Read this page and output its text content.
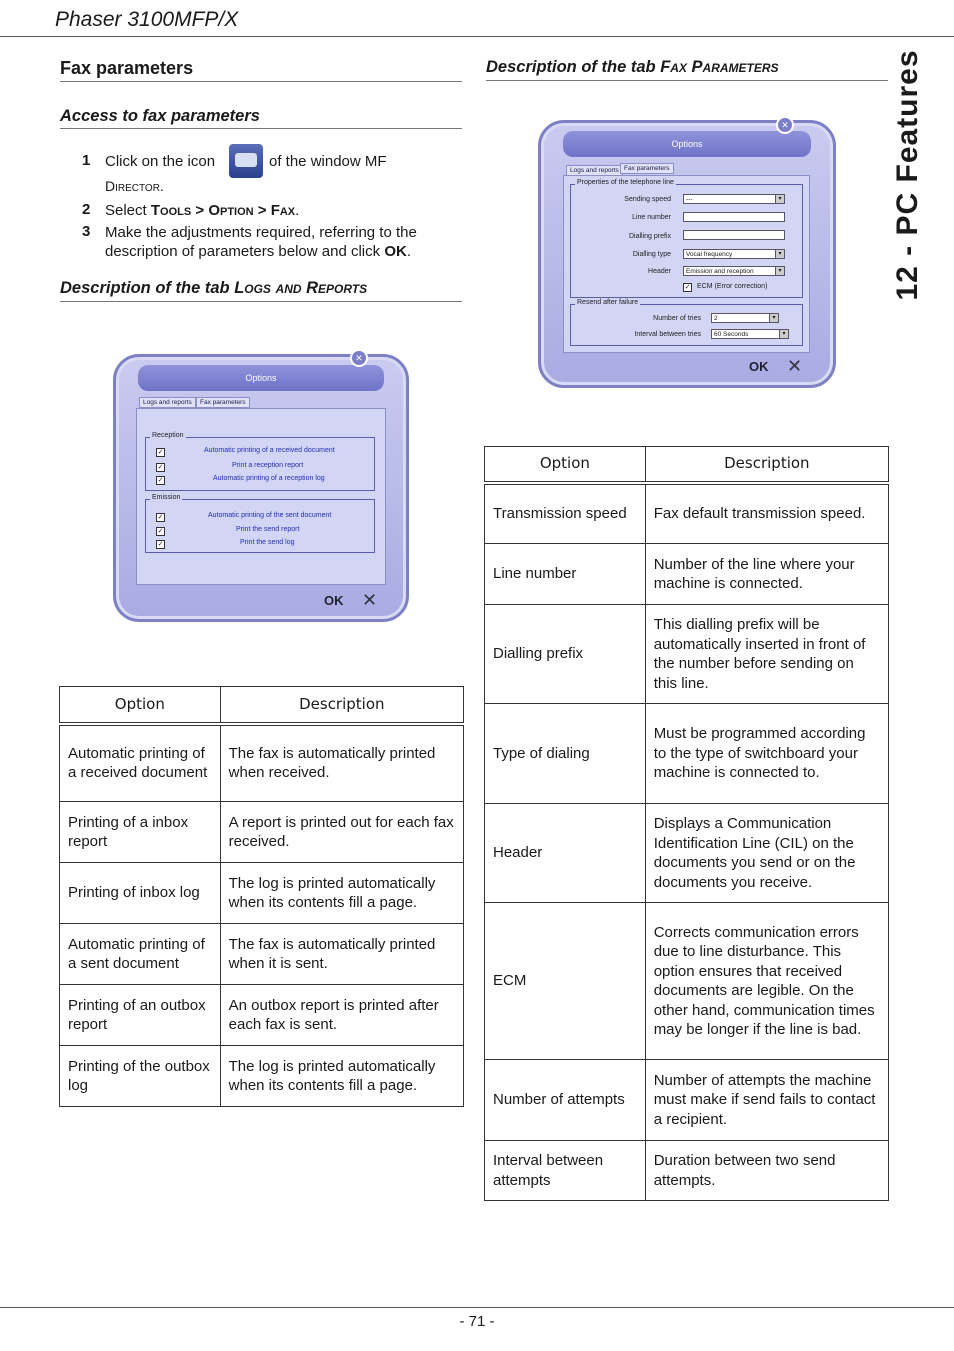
Phaser 3100MFP/X
12 - PC Features
Fax parameters
Access to fax parameters
1 Click on the icon	of the window MF
Director.
2 Select Tools > Option > Fax.
3 Make the adjustments required, referring to the
description of parameters below and click OK.
Description of the tab Logs and Reports
Options
✕
Logs and reports	Fax parameters
Reception
✓	Automatic printing of a received document
✓	Print a reception report
✓	Automatic printing of a reception log
Emission
✓	Automatic printing of the sent document
✓	Print the send report
✓	Print the send log
OK ✕
Option	Description
Automatic printing of a received document	The fax is automatically printed when received.
Printing of a inbox report	A report is printed out for each fax received.
Printing of inbox log	The log is printed automatically when its contents fill a page.
Automatic printing of a sent document	The fax is automatically printed when it is sent.
Printing of an outbox report	An outbox report is printed after each fax is sent.
Printing of the outbox log	The log is printed automatically when its contents fill a page.
Description of the tab Fax Parameters
Options
✕
Logs and reports Fax parameters
Properties of the telephone line
Sending speed	---	▾
Line number
Dialling prefix
Dialling type	Vocal frequency	▾
Header	Emission and reception	▾
✓ ECM (Error correction)
Resend after failure
Number of tries	2	▾
Interval between tries	60 Seconds	▾
OK ✕
Option	Description
Transmission speed	Fax default transmission speed.
Line number	Number of the line where your machine is connected.
Dialling prefix	This dialling prefix will be automatically inserted in front of the number before sending on this line.
Type of dialing	Must be programmed according to the type of switchboard your machine is connected to.
Header	Displays a Communication Identification Line (CIL) on the documents you send or on the documents you receive.
ECM	Corrects communication errors due to line disturbance. This option ensures that received documents are legible. On the other hand, communication times may be longer if the line is bad.
Number of attempts	Number of attempts the machine must make if send fails to contact a recipient.
Interval between attempts	Duration between two send attempts.
- 71 -
